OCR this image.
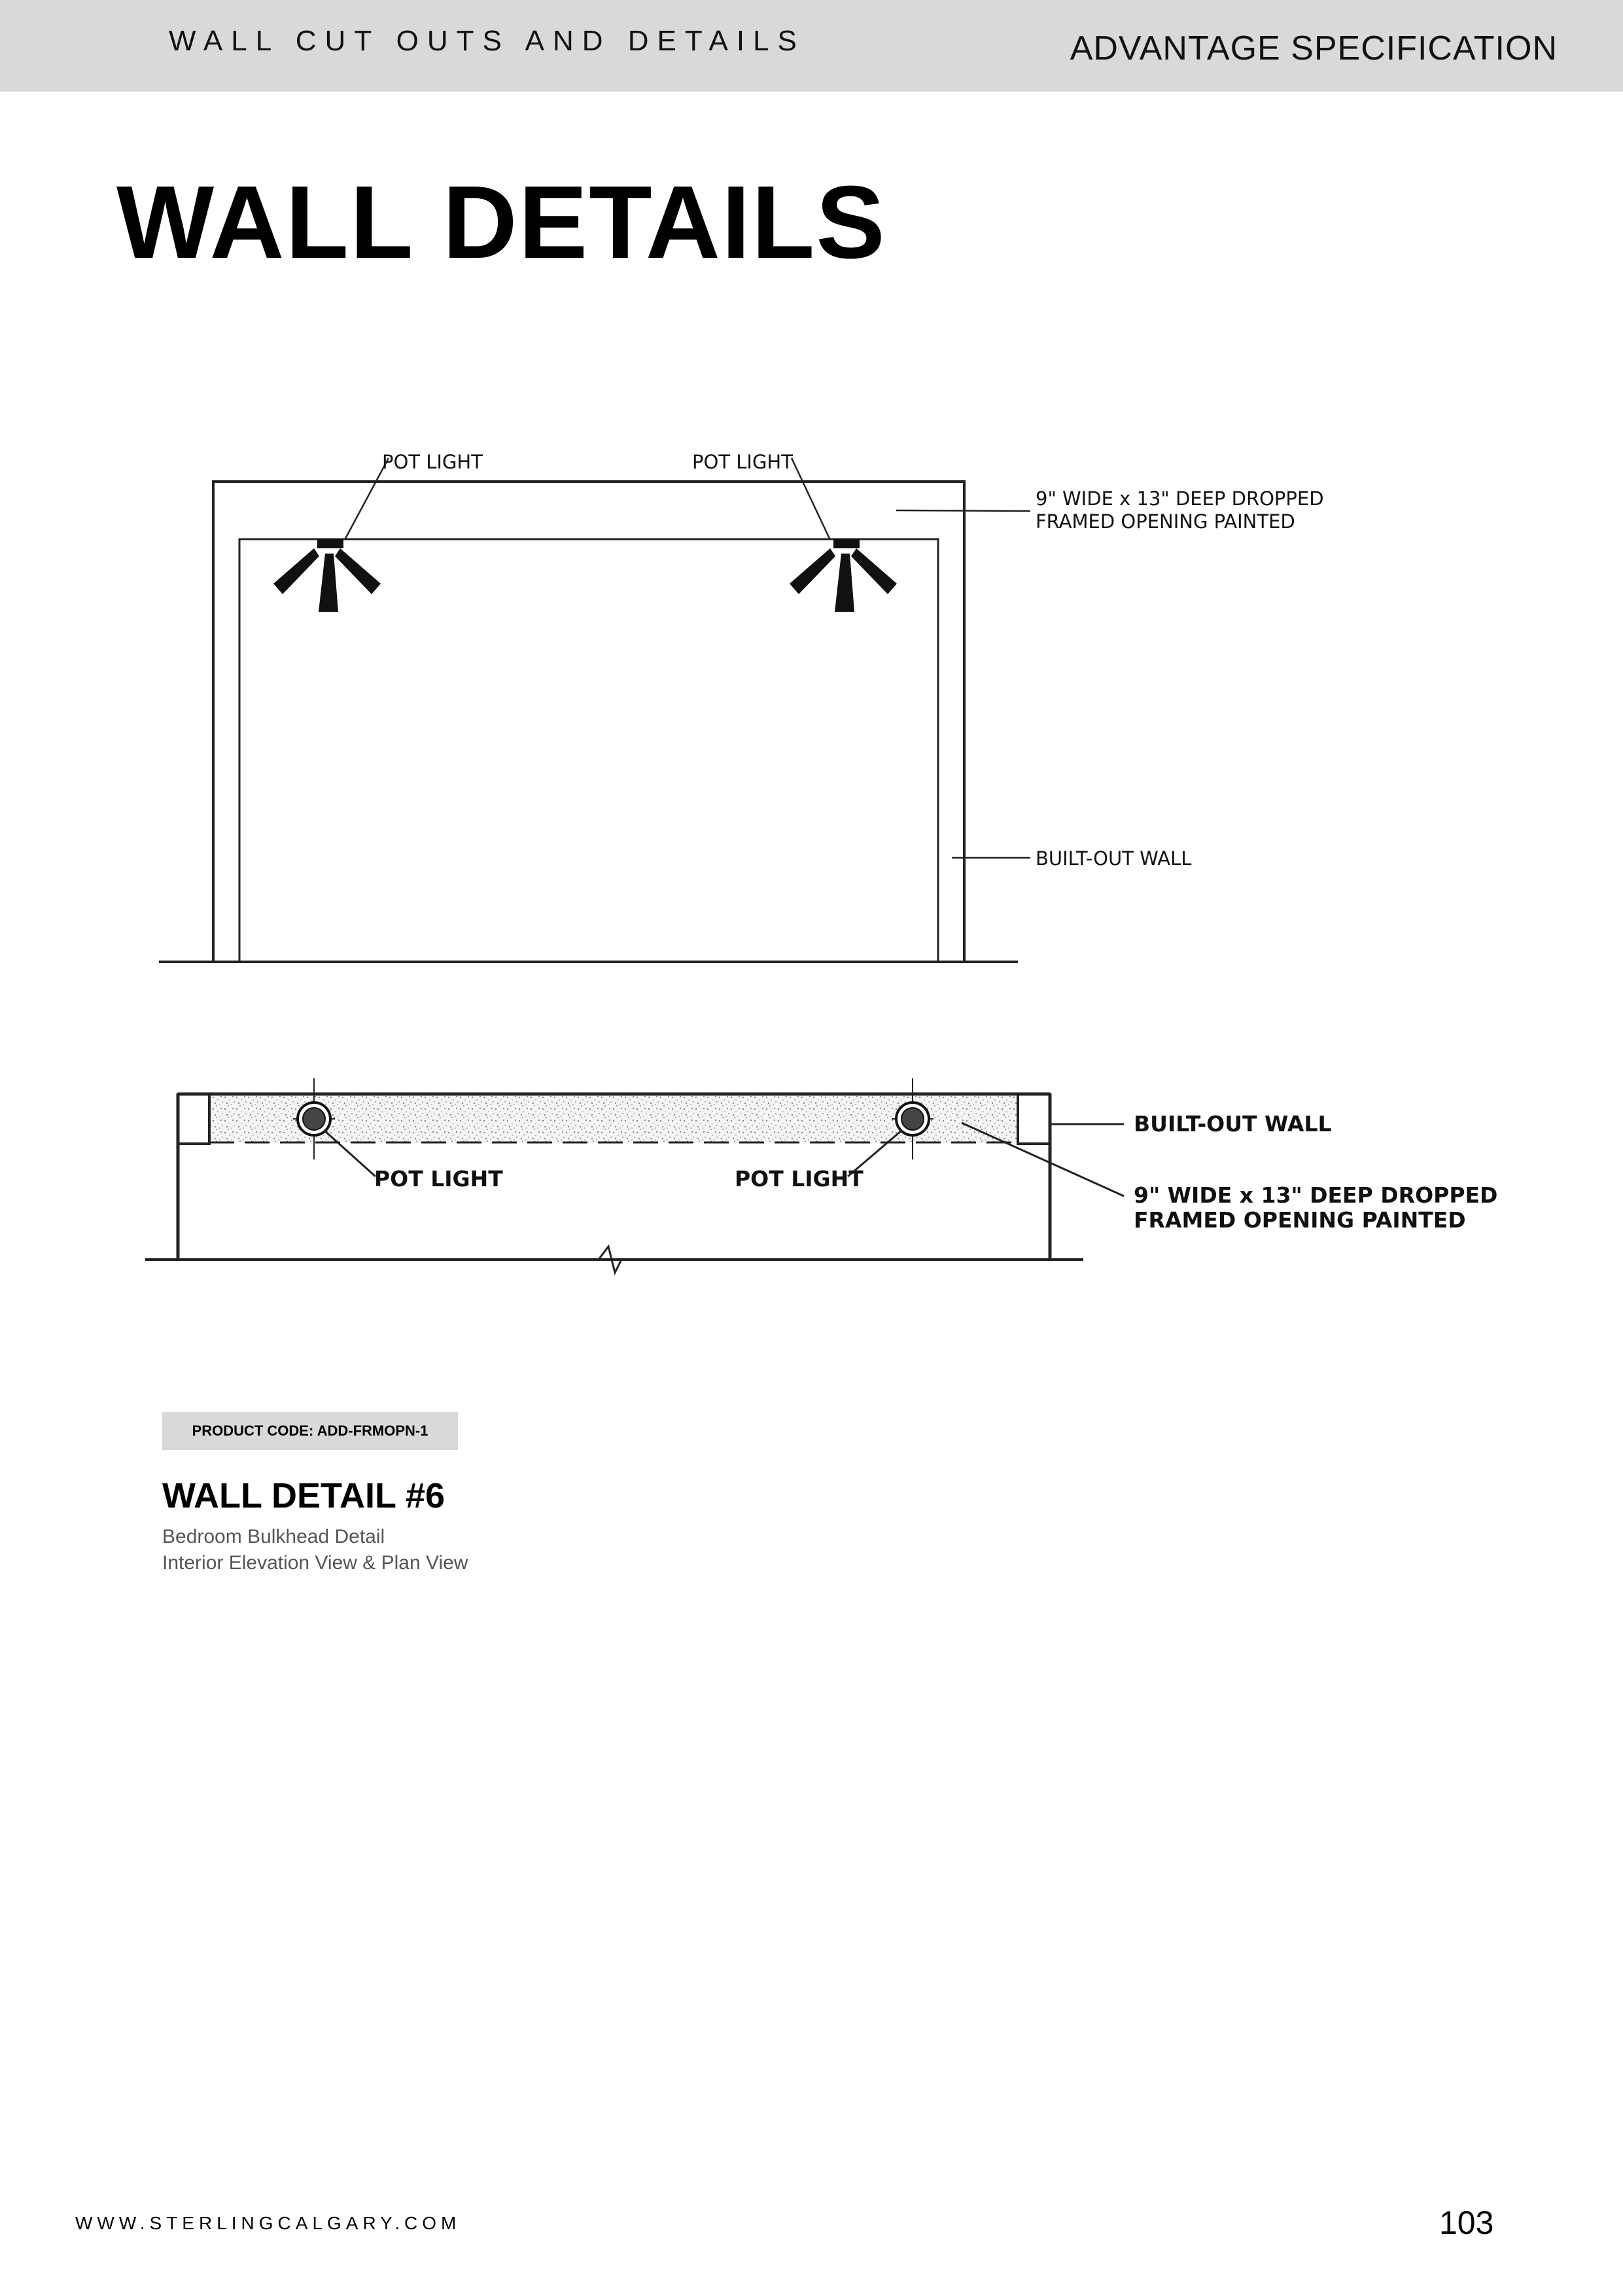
WALL CUT OUTS AND DETAILS	ADVANTAGE SPECIFICATION
WALL DETAILS
POT LIGHT	POT LIGHT
9" WIDE x 13" DEEP DROPPED
FRAMED OPENING PAINTED
BUILT-OUT WALL
BUILT-OUT WALL
POT LIGHT	POT LIGHT
9" WIDE x 13" DEEP DROPPED
FRAMED OPENING PAINTED
PRODUCT CODE: ADD-FRMOPN-1
WALL DETAIL #6
Bedroom Bulkhead Detail
Interior Elevation View & Plan View
WWW.STERLINGCALGARY.COM	103
